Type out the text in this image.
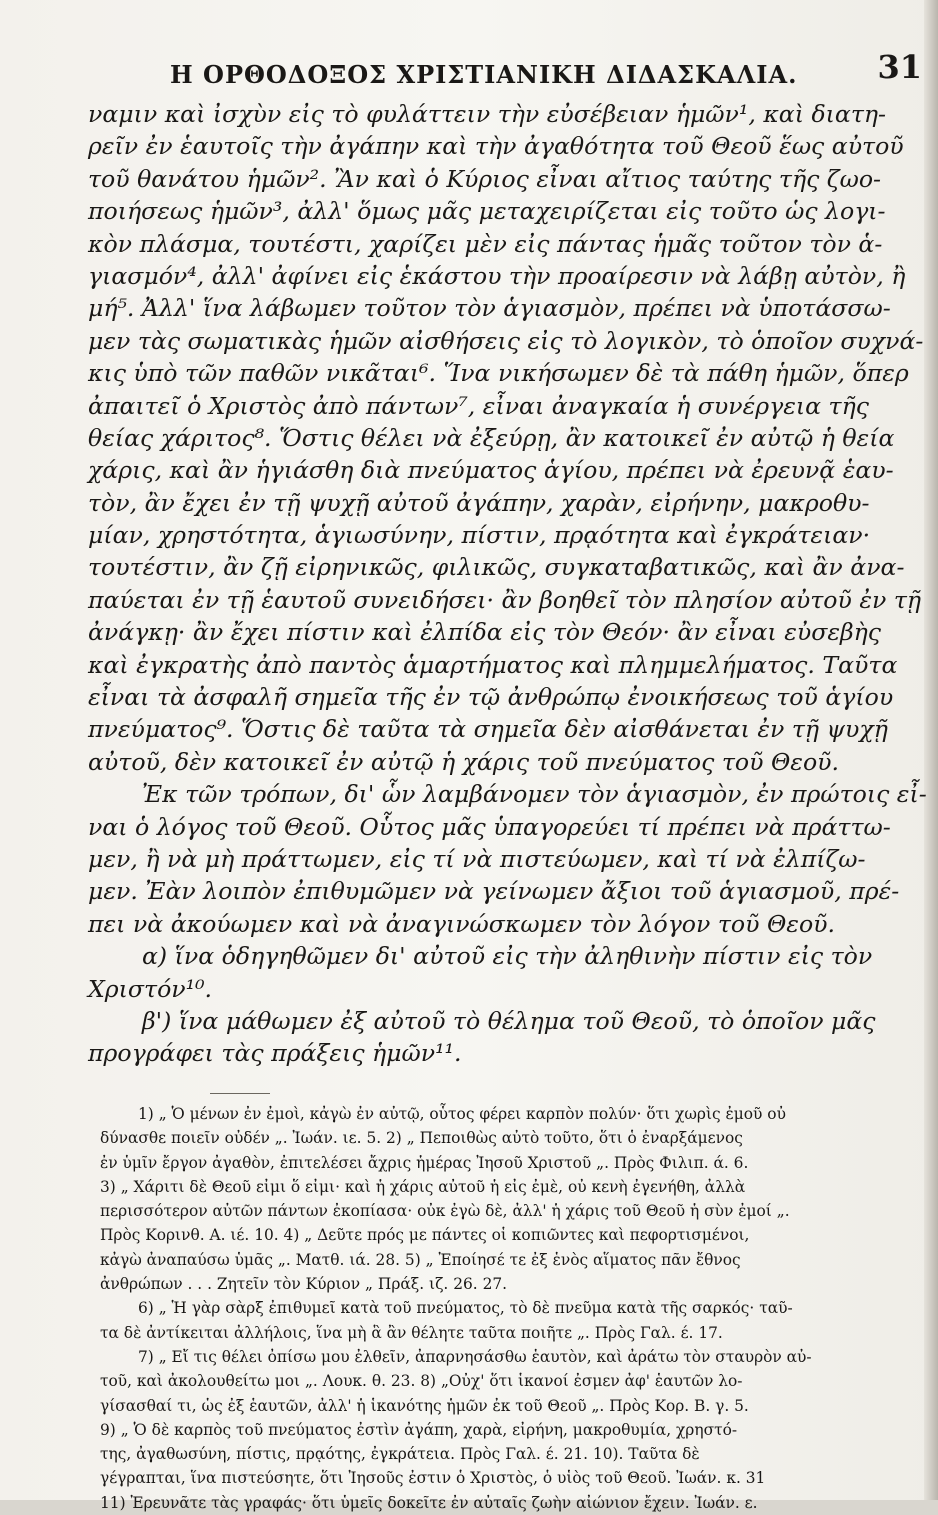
Η ΟΡΘΟΔΟΞΟΣ ΧΡΙΣΤΙΑΝΙΚΗ ΔΙΔΑΣΚΑΛΙΑ.	31
ναμιν καὶ ἰσχὺν εἰς τὸ φυλάττειν τὴν εὐσέβειαν ἡμῶν¹, καὶ διατη-
ρεῖν ἐν ἑαυτοῖς τὴν ἀγάπην καὶ τὴν ἀγαθότητα τοῦ Θεοῦ ἕως αὐτοῦ
τοῦ θανάτου ἡμῶν². Ἂν καὶ ὁ Κύριος εἶναι αἴτιος ταύτης τῆς ζωο-
ποιήσεως ἡμῶν³, ἀλλ' ὅμως μᾶς μεταχειρίζεται εἰς τοῦτο ὡς λογι-
κὸν πλάσμα, τουτέστι, χαρίζει μὲν εἰς πάντας ἡμᾶς τοῦτον τὸν ἁ-
γιασμόν⁴, ἀλλ' ἀφίνει εἰς ἑκάστου τὴν προαίρεσιν νὰ λάβῃ αὐτὸν, ἢ
μή⁵. Ἀλλ' ἵνα λάβωμεν τοῦτον τὸν ἁγιασμὸν, πρέπει νὰ ὑποτάσσω-
μεν τὰς σωματικὰς ἡμῶν αἰσθήσεις εἰς τὸ λογικὸν, τὸ ὁποῖον συχνά-
κις ὑπὸ τῶν παθῶν νικᾶται⁶. Ἵνα νικήσωμεν δὲ τὰ πάθη ἡμῶν, ὅπερ
ἀπαιτεῖ ὁ Χριστὸς ἀπὸ πάντων⁷, εἶναι ἀναγκαία ἡ συνέργεια τῆς
θείας χάριτος⁸. Ὅστις θέλει νὰ ἐξεύρῃ, ἂν κατοικεῖ ἐν αὐτῷ ἡ θεία
χάρις, καὶ ἂν ἡγιάσθη διὰ πνεύματος ἁγίου, πρέπει νὰ ἐρευνᾷ ἑαυ-
τὸν, ἂν ἔχει ἐν τῇ ψυχῇ αὐτοῦ ἀγάπην, χαρὰν, εἰρήνην, μακροθυ-
μίαν, χρηστότητα, ἁγιωσύνην, πίστιν, πρᾳότητα καὶ ἐγκράτειαν·
τουτέστιν, ἂν ζῇ εἰρηνικῶς, φιλικῶς, συγκαταβατικῶς, καὶ ἂν ἀνα-
παύεται ἐν τῇ ἑαυτοῦ συνειδήσει· ἂν βοηθεῖ τὸν πλησίον αὐτοῦ ἐν τῇ
ἀνάγκῃ· ἂν ἔχει πίστιν καὶ ἐλπίδα εἰς τὸν Θεόν· ἂν εἶναι εὐσεβὴς
καὶ ἐγκρατὴς ἀπὸ παντὸς ἁμαρτήματος καὶ πλημμελήματος. Ταῦτα
εἶναι τὰ ἀσφαλῆ σημεῖα τῆς ἐν τῷ ἀνθρώπῳ ἐνοικήσεως τοῦ ἁγίου
πνεύματος⁹. Ὅστις δὲ ταῦτα τὰ σημεῖα δὲν αἰσθάνεται ἐν τῇ ψυχῇ
αὐτοῦ, δὲν κατοικεῖ ἐν αὐτῷ ἡ χάρις τοῦ πνεύματος τοῦ Θεοῦ.
Ἐκ τῶν τρόπων, δι' ὧν λαμβάνομεν τὸν ἁγιασμὸν, ἐν πρώτοις εἶ-
ναι ὁ λόγος τοῦ Θεοῦ. Οὗτος μᾶς ὑπαγορεύει τί πρέπει νὰ πράττω-
μεν, ἢ νὰ μὴ πράττωμεν, εἰς τί νὰ πιστεύωμεν, καὶ τί νὰ ἐλπίζω-
μεν. Ἐὰν λοιπὸν ἐπιθυμῶμεν νὰ γείνωμεν ἄξιοι τοῦ ἁγιασμοῦ, πρέ-
πει νὰ ἀκούωμεν καὶ νὰ ἀναγινώσκωμεν τὸν λόγον τοῦ Θεοῦ.
α) ἵνα ὁδηγηθῶμεν δι' αὐτοῦ εἰς τὴν ἀληθινὴν πίστιν εἰς τὸν
Χριστόν¹⁰.
β') ἵνα μάθωμεν ἐξ αὐτοῦ τὸ θέλημα τοῦ Θεοῦ, τὸ ὁποῖον μᾶς
προγράφει τὰς πράξεις ἡμῶν¹¹.
1) „ Ὁ μένων ἐν ἐμοὶ, κἀγὼ ἐν αὐτῷ, οὗτος φέρει καρπὸν πολύν· ὅτι χωρὶς ἐμοῦ οὐ
δύνασθε ποιεῖν οὐδέν „. Ἰωάν. ιε. 5. 2) „ Πεποιθὼς αὐτὸ τοῦτο, ὅτι ὁ ἐναρξάμενος
ἐν ὑμῖν ἔργον ἀγαθὸν, ἐπιτελέσει ἄχρις ἡμέρας Ἰησοῦ Χριστοῦ „. Πρὸς Φιλιπ. ά. 6.
3) „ Χάριτι δὲ Θεοῦ εἰμι ὅ εἰμι· καὶ ἡ χάρις αὐτοῦ ἡ εἰς ἐμὲ, οὐ κενὴ ἐγενήθη, ἀλλὰ
περισσότερον αὐτῶν πάντων ἐκοπίασα· οὐκ ἐγὼ δὲ, ἀλλ' ἡ χάρις τοῦ Θεοῦ ἡ σὺν ἐμοί „.
Πρὸς Κορινθ. Α. ιέ. 10. 4) „ Δεῦτε πρός με πάντες οἱ κοπιῶντες καὶ πεφορτισμένοι,
κἀγὼ ἀναπαύσω ὑμᾶς „. Ματθ. ιά. 28. 5) „ Ἐποίησέ τε ἐξ ἑνὸς αἵματος πᾶν ἔθνος
ἀνθρώπων . . . Ζητεῖν τὸν Κύριον „ Πράξ. ιζ. 26. 27.
6) „ Ἡ γὰρ σὰρξ ἐπιθυμεῖ κατὰ τοῦ πνεύματος, τὸ δὲ πνεῦμα κατὰ τῆς σαρκός· ταῦ-
τα δὲ ἀντίκειται ἀλλήλοις, ἵνα μὴ ἃ ἂν θέλητε ταῦτα ποιῆτε „. Πρὸς Γαλ. έ. 17.
7) „ Εἴ τις θέλει ὀπίσω μου ἐλθεῖν, ἀπαρνησάσθω ἑαυτὸν, καὶ ἀράτω τὸν σταυρὸν αὐ-
τοῦ, καὶ ἀκολουθείτω μοι „. Λουκ. θ. 23. 8) „Οὐχ' ὅτι ἱκανοί ἐσμεν ἀφ' ἑαυτῶν λο-
γίσασθαί τι, ὡς ἐξ ἑαυτῶν, ἀλλ' ἡ ἱκανότης ἡμῶν ἐκ τοῦ Θεοῦ „. Πρὸς Κορ. Β. γ. 5.
9) „ Ὁ δὲ καρπὸς τοῦ πνεύματος ἐστὶν ἀγάπη, χαρὰ, εἰρήνη, μακροθυμία, χρηστό-
της, ἀγαθωσύνη, πίστις, πρᾳότης, ἐγκράτεια. Πρὸς Γαλ. έ. 21. 10). Ταῦτα δὲ
γέγραπται, ἵνα πιστεύσητε, ὅτι Ἰησοῦς ἐστιν ὁ Χριστὸς, ὁ υἱὸς τοῦ Θεοῦ. Ἰωάν. κ. 31
11) Ἐρευνᾶτε τὰς γραφάς· ὅτι ὑμεῖς δοκεῖτε ἐν αὐταῖς ζωὴν αἰώνιον ἔχειν. Ἰωάν. ε.
